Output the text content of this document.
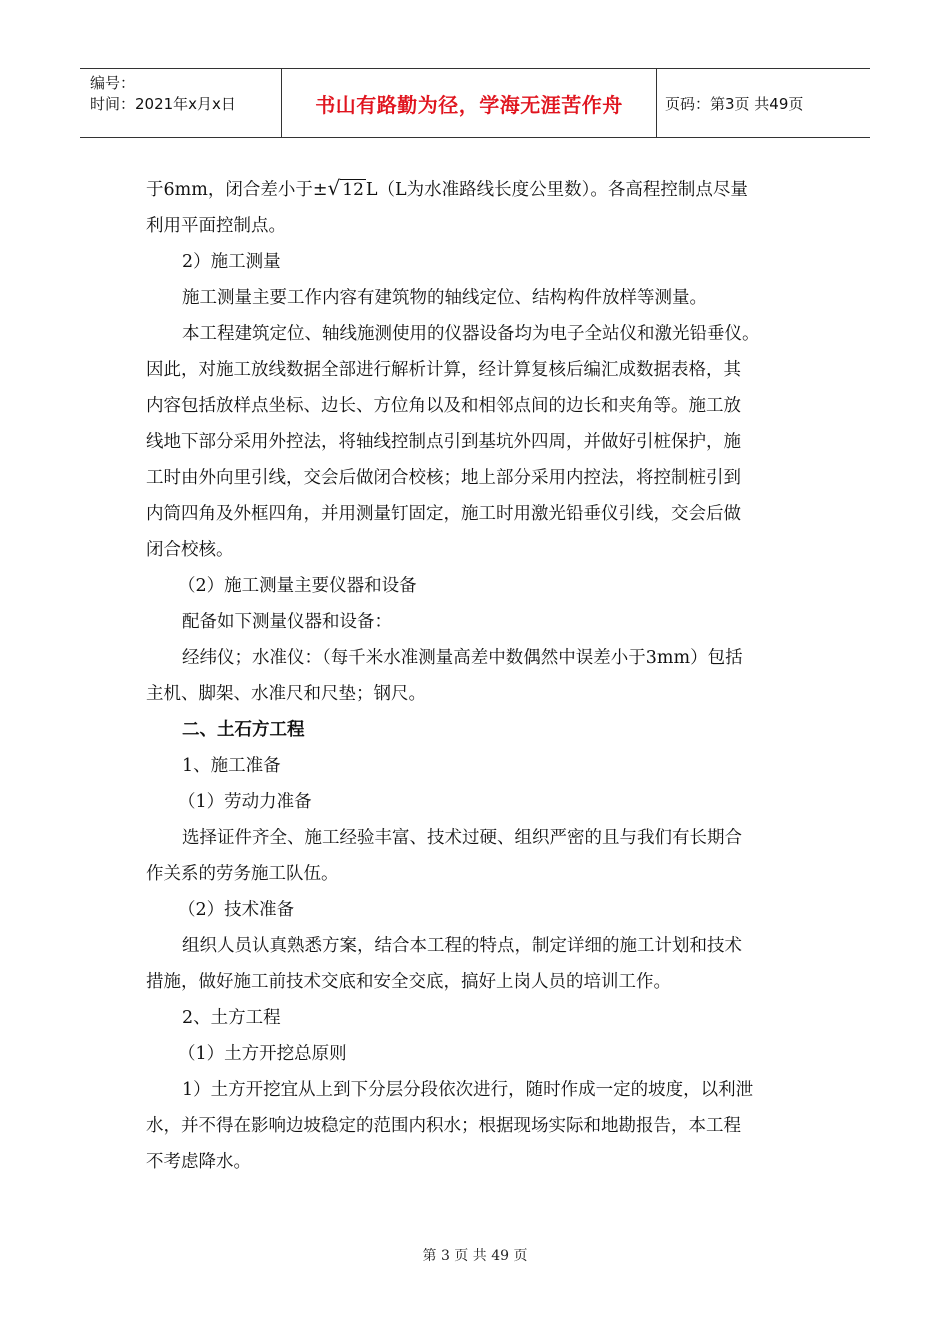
编号：
时间：2021年x月x日	书山有路勤为径，学海无涯苦作舟	页码：第3页 共49页

于6mm，闭合差小于±√ 12 L（L为水准路线长度公里数）。各高程控制点尽量

利用平面控制点。

2）施工测量

施工测量主要工作内容有建筑物的轴线定位、结构构件放样等测量。

本工程建筑定位、轴线施测使用的仪器设备均为电子全站仪和激光铅垂仪。

因此，对施工放线数据全部进行解析计算，经计算复核后编汇成数据表格，其

内容包括放样点坐标、边长、方位角以及和相邻点间的边长和夹角等。施工放

线地下部分采用外控法，将轴线控制点引到基坑外四周，并做好引桩保护，施

工时由外向里引线，交会后做闭合校核；地上部分采用内控法，将控制桩引到

内筒四角及外框四角，并用测量钉固定，施工时用激光铅垂仪引线，交会后做

闭合校核。

（2）施工测量主要仪器和设备

配备如下测量仪器和设备：

经纬仪；水准仪：（每千米水准测量高差中数偶然中误差小于3mm）包括

主机、脚架、水准尺和尺垫；钢尺。

二、土石方工程

1、施工准备

（1）劳动力准备

选择证件齐全、施工经验丰富、技术过硬、组织严密的且与我们有长期合

作关系的劳务施工队伍。

（2）技术准备

组织人员认真熟悉方案，结合本工程的特点，制定详细的施工计划和技术

措施，做好施工前技术交底和安全交底，搞好上岗人员的培训工作。

2、土方工程

（1）土方开挖总原则

1）土方开挖宜从上到下分层分段依次进行，随时作成一定的坡度，以利泄

水，并不得在影响边坡稳定的范围内积水；根据现场实际和地勘报告，本工程

不考虑降水。

第 3 页 共 49 页
